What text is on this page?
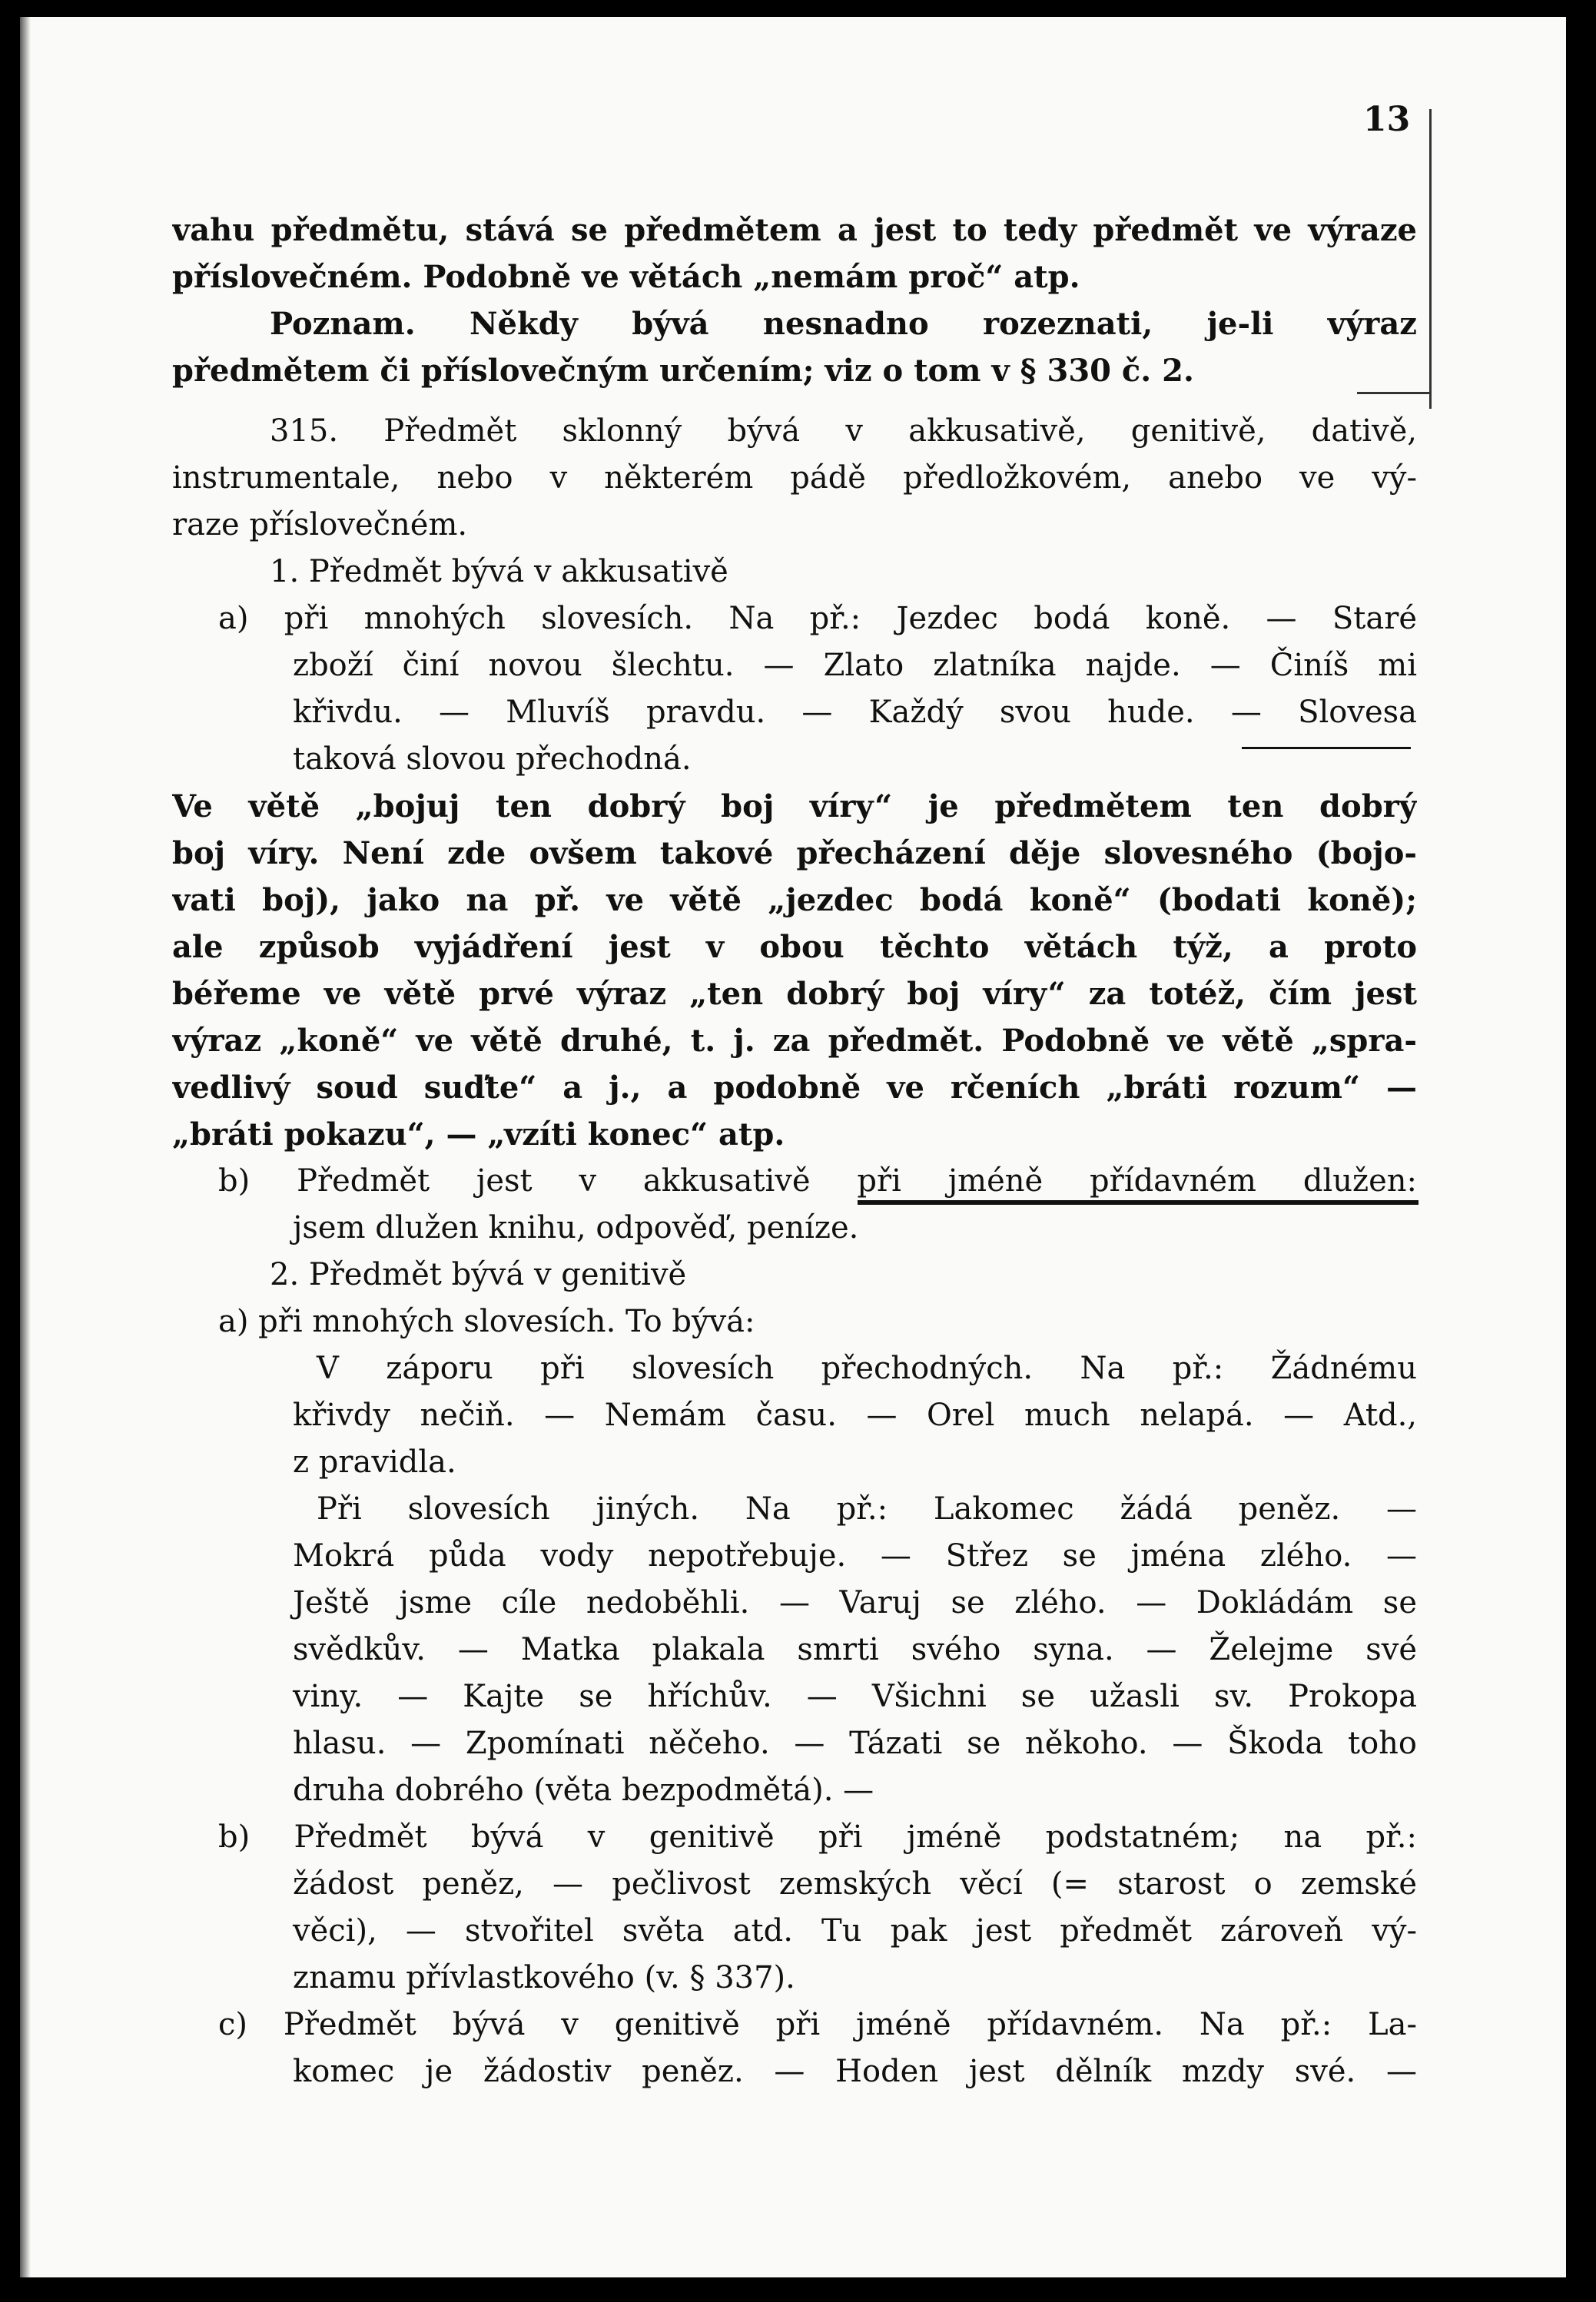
13
vahu předmětu, stává se předmětem a jest to tedy předmět ve výraze
příslovečném. Podobně ve větách „nemám proč“ atp.
Poznam. Někdy bývá nesnadno rozeznati, je-li výraz
předmětem či příslovečným určením; viz o tom v § 330 č. 2.
315. Předmět sklonný bývá v akkusativě, genitivě, dativě,
instrumentale, nebo v některém pádě předložkovém, anebo ve vý-
raze příslovečném.
1. Předmět bývá v akkusativě
a) při mnohých slovesích. Na př.: Jezdec bodá koně. — Staré
zboží činí novou šlechtu. — Zlato zlatníka najde. — Činíš mi
křivdu. — Mluvíš pravdu. — Každý svou hude. — Slovesa
taková slovou přechodná.
Ve větě „bojuj ten dobrý boj víry“ je předmětem ten dobrý
boj víry. Není zde ovšem takové přecházení děje slovesného (bojo-
vati boj), jako na př. ve větě „jezdec bodá koně“ (bodati koně);
ale způsob vyjádření jest v obou těchto větách týž, a proto
béřeme ve větě prvé výraz „ten dobrý boj víry“ za totéž, čím jest
výraz „koně“ ve větě druhé, t. j. za předmět. Podobně ve větě „spra-
vedlivý soud suďte“ a j., a podobně ve rčeních „bráti rozum“ —
„bráti pokazu“, — „vzíti konec“ atp.
b) Předmět jest v akkusativě při jméně přídavném dlužen:
jsem dlužen knihu, odpověď, peníze.
2. Předmět bývá v genitivě
a) při mnohých slovesích. To bývá:
V záporu při slovesích přechodných. Na př.: Žádnému
křivdy nečiň. — Nemám času. — Orel much nelapá. — Atd.,
z pravidla.
Při slovesích jiných. Na př.: Lakomec žádá peněz. —
Mokrá půda vody nepotřebuje. — Střez se jména zlého. —
Ještě jsme cíle nedoběhli. — Varuj se zlého. — Dokládám se
svědkův. — Matka plakala smrti svého syna. — Želejme své
viny. — Kajte se hříchův. — Všichni se užasli sv. Prokopa
hlasu. — Zpomínati něčeho. — Tázati se někoho. — Škoda toho
druha dobrého (věta bezpodmětá). —
b) Předmět bývá v genitivě při jméně podstatném; na př.:
žádost peněz, — pečlivost zemských věcí (= starost o zemské
věci), — stvořitel světa atd. Tu pak jest předmět zároveň vý-
znamu přívlastkového (v. § 337).
c) Předmět bývá v genitivě při jméně přídavném. Na př.: La-
komec je žádostiv peněz. — Hoden jest dělník mzdy své. —
